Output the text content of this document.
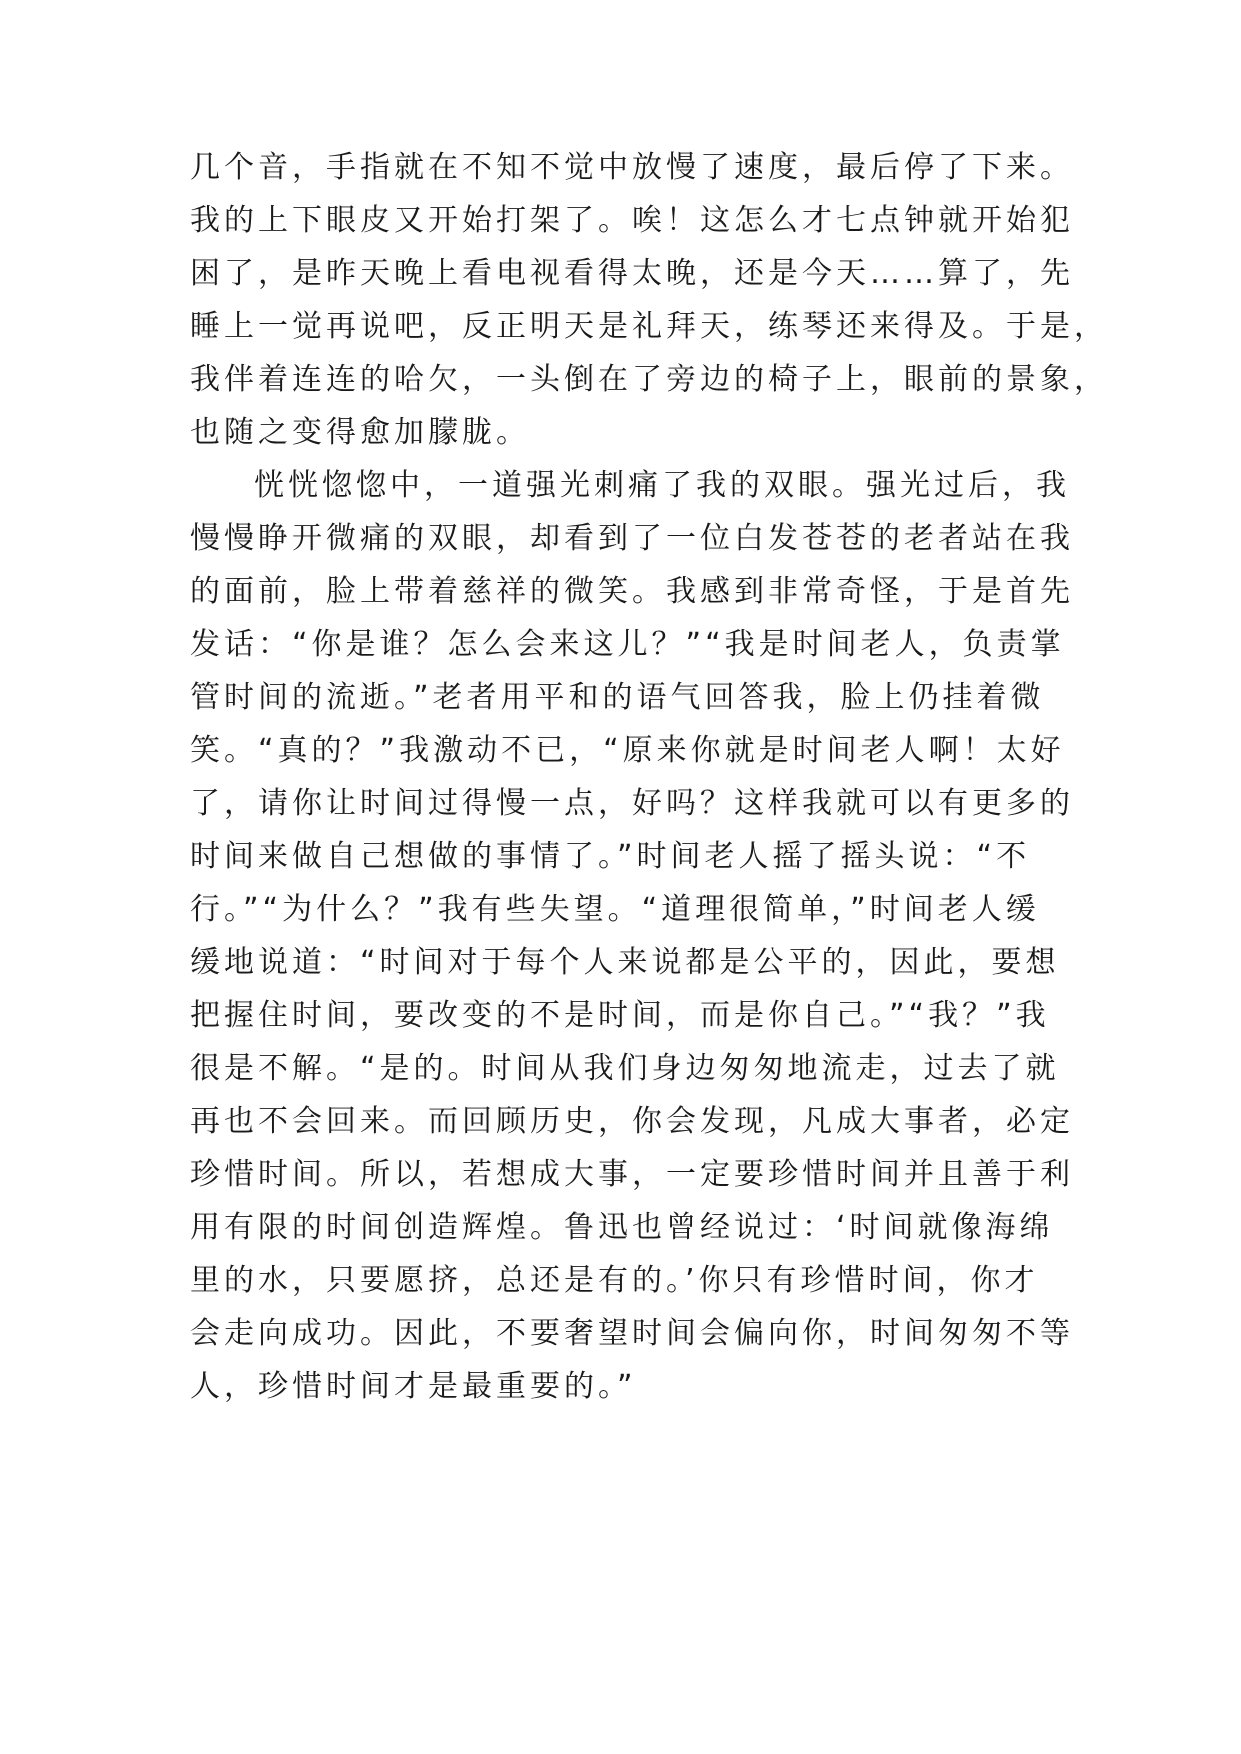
几个音，手指就在不知不觉中放慢了速度，最后停了下来。
我的上下眼皮又开始打架了。唉！这怎么才七点钟就开始犯
困了，是昨天晚上看电视看得太晚，还是今天……算了，先
睡上一觉再说吧，反正明天是礼拜天，练琴还来得及。于是，
我伴着连连的哈欠，一头倒在了旁边的椅子上，眼前的景象，
也随之变得愈加朦胧。
恍恍惚惚中，一道强光刺痛了我的双眼。强光过后，我
慢慢睁开微痛的双眼，却看到了一位白发苍苍的老者站在我
的面前，脸上带着慈祥的微笑。我感到非常奇怪，于是首先
发话：“你是谁？怎么会来这儿？”“我是时间老人，负责掌
管时间的流逝。”老者用平和的语气回答我，脸上仍挂着微
笑。“真的？”我激动不已，“原来你就是时间老人啊！太好
了，请你让时间过得慢一点，好吗？这样我就可以有更多的
时间来做自己想做的事情了。”时间老人摇了摇头说：“不
行。”“为什么？”我有些失望。“道理很简单，”时间老人缓
缓地说道：“时间对于每个人来说都是公平的，因此，要想
把握住时间，要改变的不是时间，而是你自己。”“我？”我
很是不解。“是的。时间从我们身边匆匆地流走，过去了就
再也不会回来。而回顾历史，你会发现，凡成大事者，必定
珍惜时间。所以，若想成大事，一定要珍惜时间并且善于利
用有限的时间创造辉煌。鲁迅也曾经说过：‘时间就像海绵
里的水，只要愿挤，总还是有的。’你只有珍惜时间，你才
会走向成功。因此，不要奢望时间会偏向你，时间匆匆不等
人，珍惜时间才是最重要的。”
